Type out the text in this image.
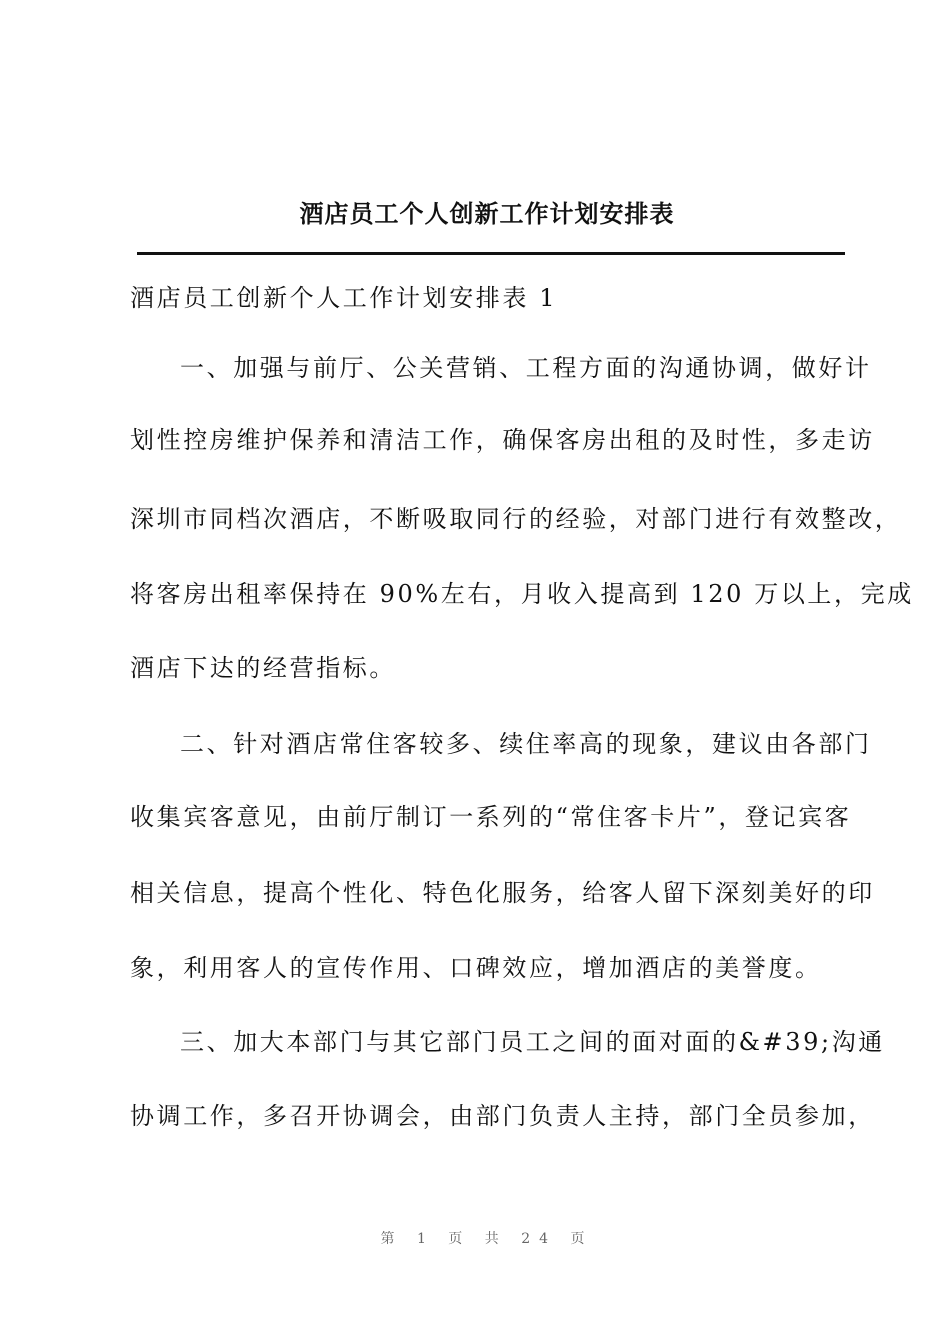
酒店员工个人创新工作计划安排表
酒店员工创新个人工作计划安排表 1
一、加强与前厅、公关营销、工程方面的沟通协调，做好计
划性控房维护保养和清洁工作，确保客房出租的及时性，多走访
深圳市同档次酒店，不断吸取同行的经验，对部门进行有效整改，
将客房出租率保持在 90%左右，月收入提高到 120 万以上，完成
酒店下达的经营指标。
二、针对酒店常住客较多、续住率高的现象，建议由各部门
收集宾客意见，由前厅制订一系列的“常住客卡片”，登记宾客
相关信息，提高个性化、特色化服务，给客人留下深刻美好的印
象，利用客人的宣传作用、口碑效应，增加酒店的美誉度。
三、加大本部门与其它部门员工之间的面对面的&#39;沟通
协调工作，多召开协调会，由部门负责人主持，部门全员参加，
第 1 页 共 24 页
